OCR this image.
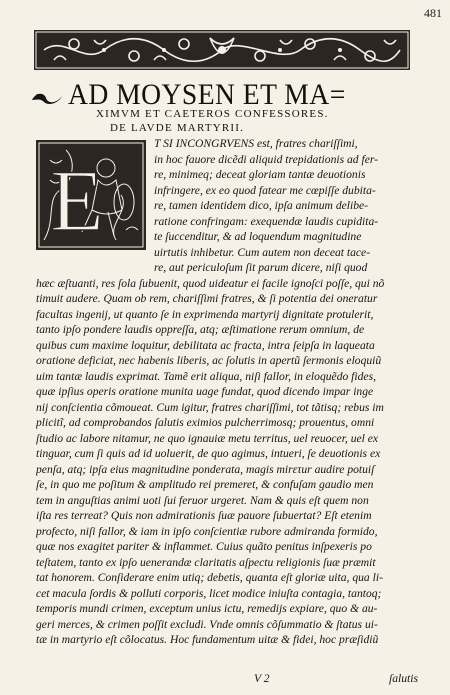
481
AD MOYSEN ET MA=
XIMVM ET CAETEROS CONFESSORES.
DE LAVDE MARTYRII.
E
T SI INCONGRVENS est, fratres chariſſimi,
in hoc fauore dicẽdi aliquid trepidationis ad fer-
re, minimeq; deceat gloriam tantæ deuotionis
infringere, ex eo quod fatear me cœpiſſe dubita-
re, tamen identidem dico, ipſa animum delibe-
ratione confringam: exequendæ laudis cupidita-
te ſuccenditur, & ad loquendum magnitudine
uirtutis inhibetur. Cum autem non deceat tace-
re, aut periculoſum ſit parum dicere, niſi quod
hæc æſtuanti, res ſola ſubuenit, quod uideatur ei facile ignoſci poſſe, qui nõ
timuit audere. Quam ob rem, chariſſimi fratres, & ſi potentia dei oneratur
facultas ingenij, ut quanto ſe in exprimenda martyrij dignitate protulerit,
tanto ipſo pondere laudis oppreſſa, atq; æſtimatione rerum omnium, de
quibus cum maxime loquitur, debilitata ac fracta, intra ſeipſa in laqueata
oratione deficiat, nec habenis liberis, ac ſolutis in apertũ ſermonis eloquiũ
uim tantæ laudis exprimat. Tamẽ erit aliqua, niſi fallor, in eloquẽdo fides,
quæ ipſius operis oratione munita uage fundat, quod dicendo impar inge
nij conſcientia cõmoueat. Cum igitur, fratres chariſſimi, tot tãtisq; rebus im
plicitĩ, ad comprobandos ſalutis eximios pulcherrimosq; prouentus, omni
ſtudio ac labore nitamur, ne quo ignauiæ metu territus, uel reuocer, uel ex
tinguar, cum ſi quis ad id uoluerit, de quo agimus, intueri, ſe deuotionis ex
penſa, atq; ipſa eius magnitudine ponderata, magis mirετur audire potuiſ
ſe, in quo me poſitum & amplitudo rei premeret, & confuſam gaudio men
tem in anguſtias animi uoti ſui feruor urgeret. Nam & quis eſt quem non
iſta res terreat? Quis non admirationis ſuæ pauore ſubuertat? Eſt etenim
profecto, niſi fallor, & iam in ipſo conſcientiæ rubore admiranda formido,
quæ nos exagitet pariter & inflammet. Cuius quãto penitus inſpexeris po
teſtatem, tanto ex ipſo uenerandæ claritatis aſpectu religionis ſuæ præmit
tat honorem. Conſiderare enim utiq; debetis, quanta eſt gloriæ uita, qua li-
cet macula ſordis & polluti corporis, licet modice iniuſta contagia, tantoq;
temporis mundi crimen, exceptum unius ictu, remedijs expiare, quo & au-
geri merces, & crimen poſſit excludi. Vnde omnis cõſummatio & ſtatus ui-
tæ in martyrio eſt cõlocatus. Hoc fundamentum uitæ & fidei, hoc præſidiũ
V 2	ſalutis
